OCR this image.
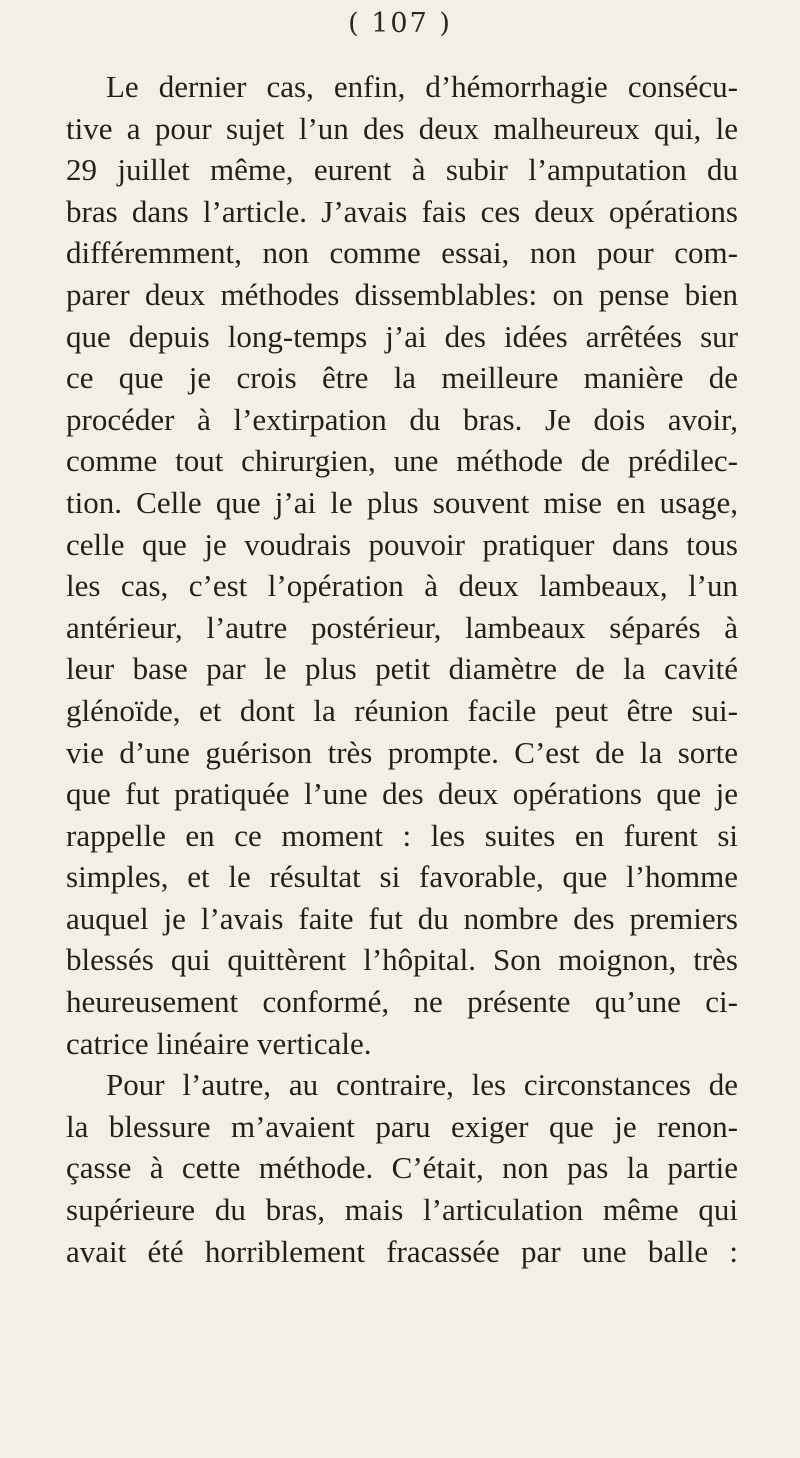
( 107 )
Le dernier cas, enfin, d’hémorrhagie consécu-
tive a pour sujet l’un des deux malheureux qui, le
29 juillet même, eurent à subir l’amputation du
bras dans l’article. J’avais fais ces deux opérations
différemment, non comme essai, non pour com-
parer deux méthodes dissemblables: on pense bien
que depuis long-temps j’ai des idées arrêtées sur
ce que je crois être la meilleure manière de
procéder à l’extirpation du bras. Je dois avoir,
comme tout chirurgien, une méthode de prédilec-
tion. Celle que j’ai le plus souvent mise en usage,
celle que je voudrais pouvoir pratiquer dans tous
les cas, c’est l’opération à deux lambeaux, l’un
antérieur, l’autre postérieur, lambeaux séparés à
leur base par le plus petit diamètre de la cavité
glénoïde, et dont la réunion facile peut être sui-
vie d’une guérison très prompte. C’est de la sorte
que fut pratiquée l’une des deux opérations que je
rappelle en ce moment : les suites en furent si
simples, et le résultat si favorable, que l’homme
auquel je l’avais faite fut du nombre des premiers
blessés qui quittèrent l’hôpital. Son moignon, très
heureusement conformé, ne présente qu’une ci-
catrice linéaire verticale.
Pour l’autre, au contraire, les circonstances de
la blessure m’avaient paru exiger que je renon-
çasse à cette méthode. C’était, non pas la partie
supérieure du bras, mais l’articulation même qui
avait été horriblement fracassée par une balle :
